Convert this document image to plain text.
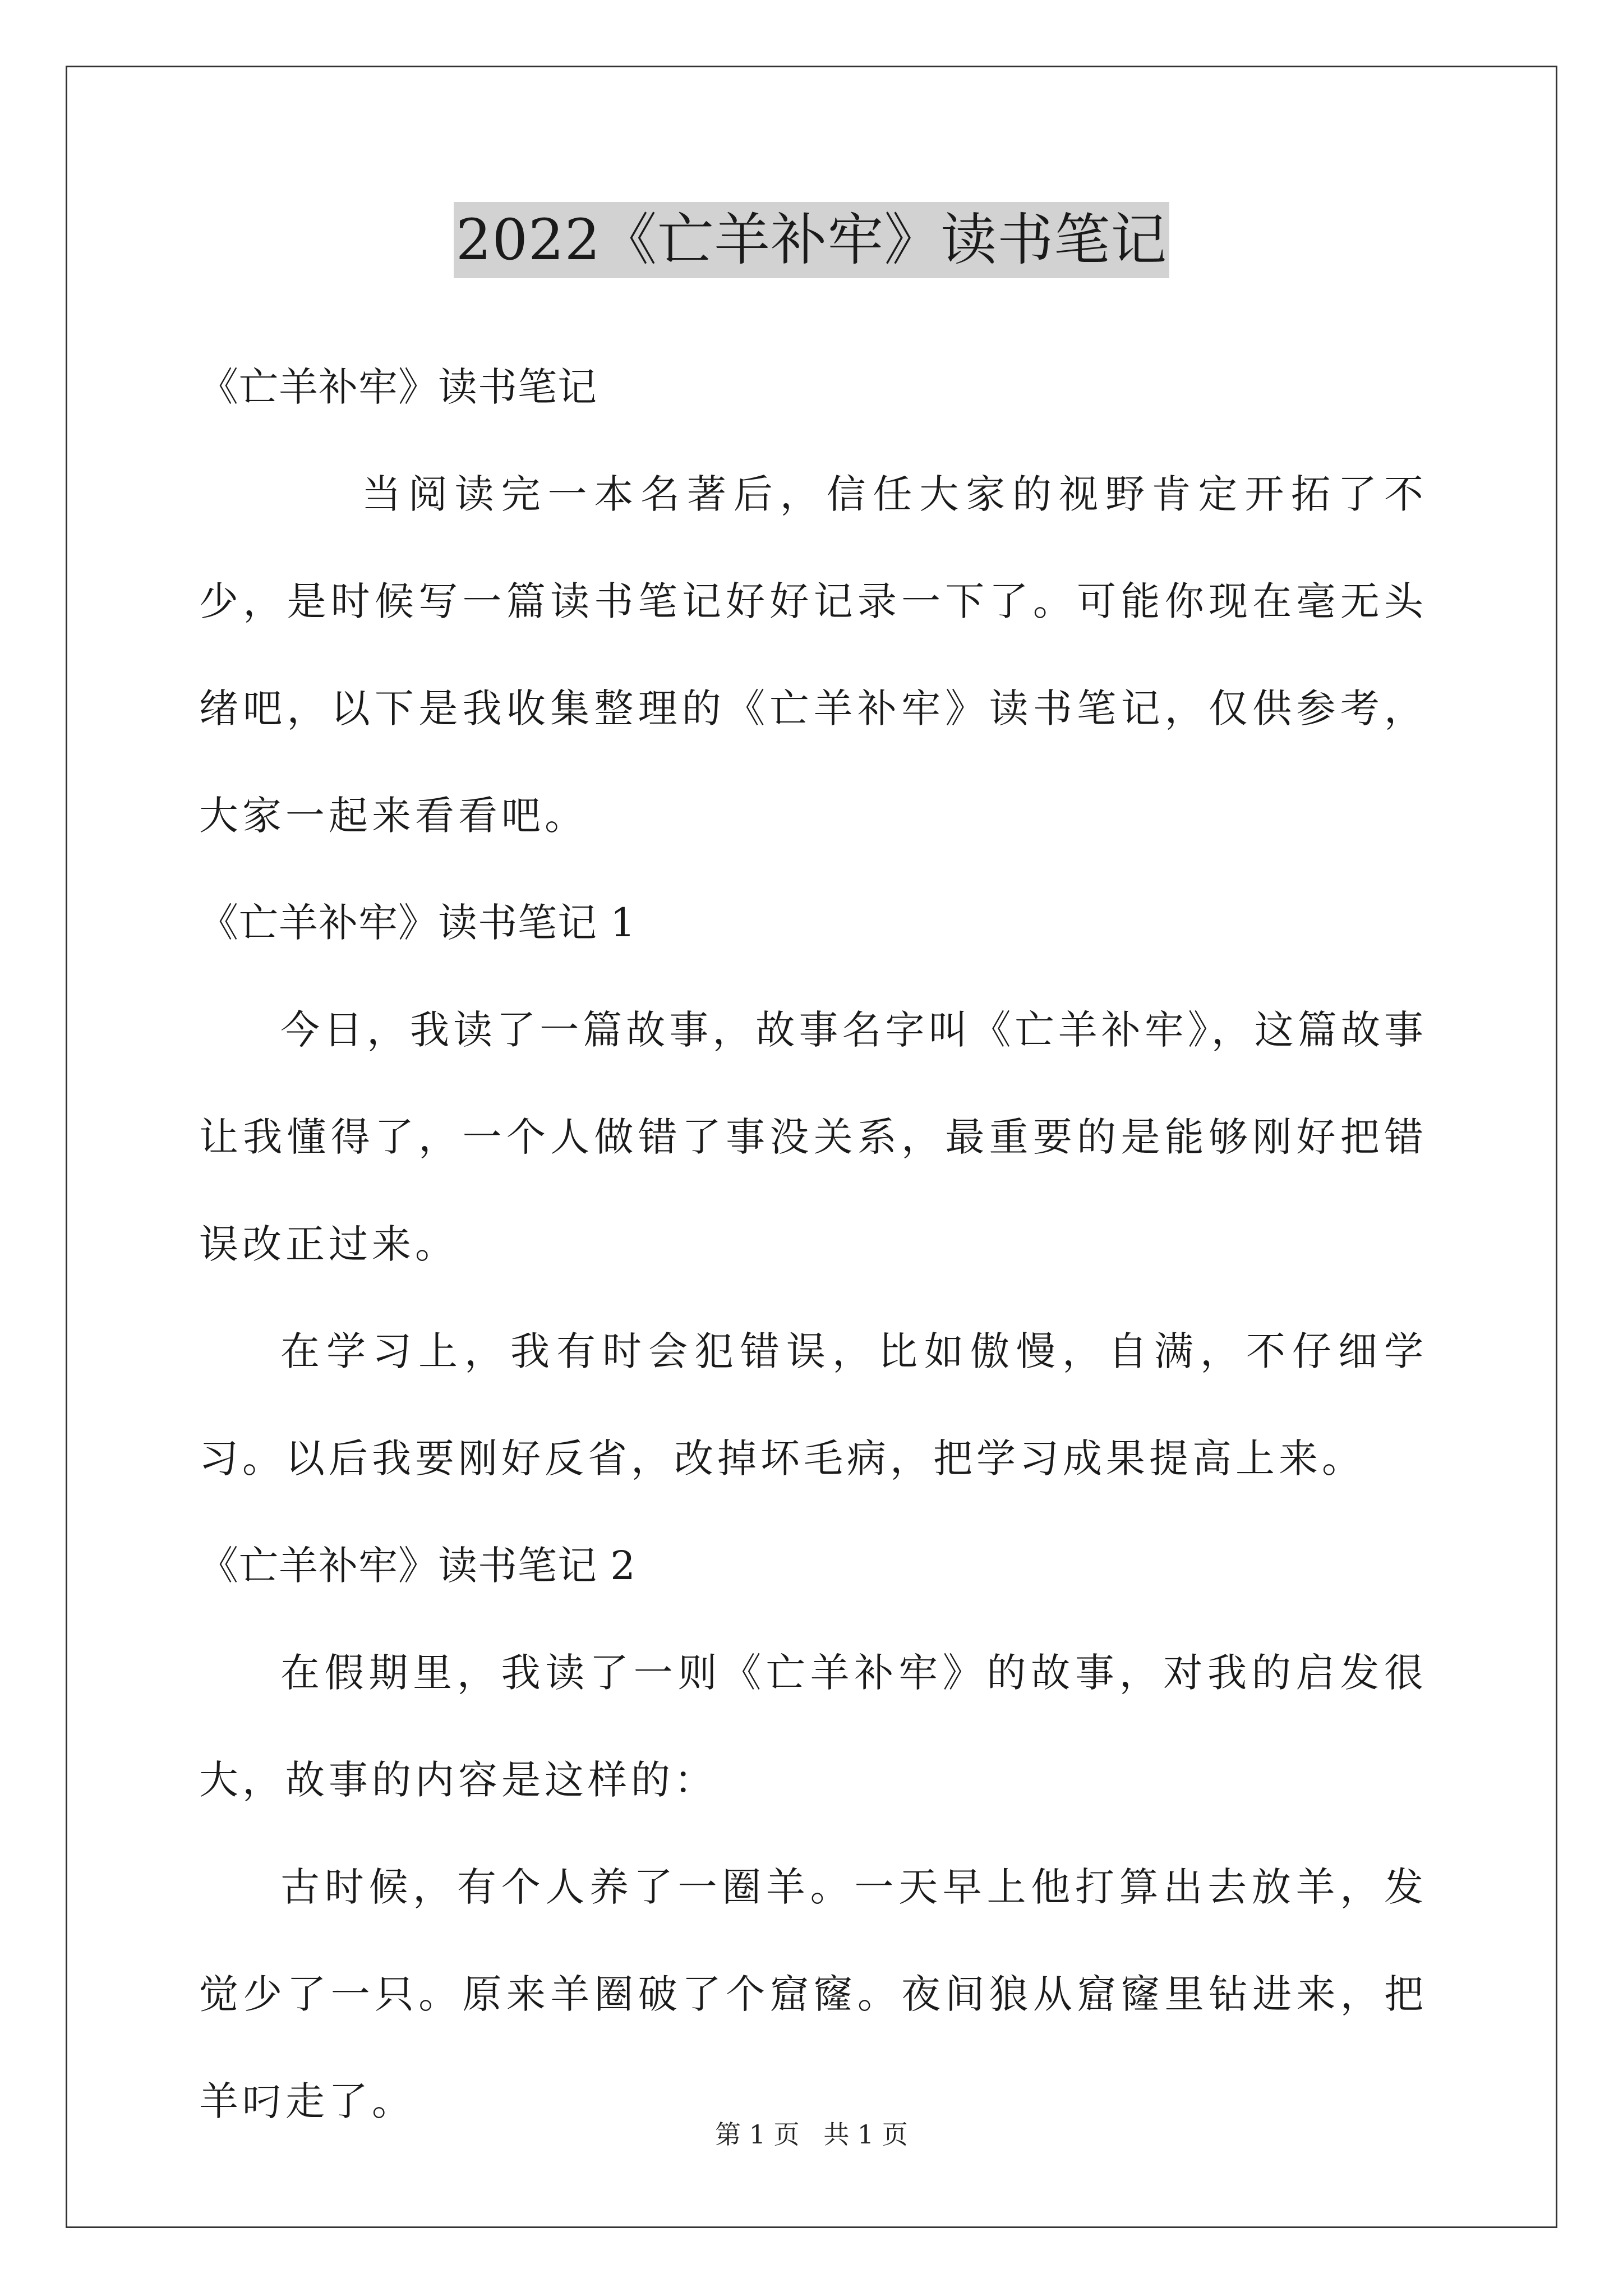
2022《亡羊补牢》读书笔记

《亡羊补牢》读书笔记

当阅读完一本名著后，信任大家的视野肯定开拓了不少，是时候写一篇读书笔记好好记录一下了。可能你现在毫无头绪吧，以下是我收集整理的《亡羊补牢》读书笔记，仅供参考，大家一起来看看吧。

《亡羊补牢》读书笔记 1

今日，我读了一篇故事，故事名字叫《亡羊补牢》，这篇故事让我懂得了，一个人做错了事没关系，最重要的是能够刚好把错误改正过来。

在学习上，我有时会犯错误，比如傲慢，自满，不仔细学习。以后我要刚好反省，改掉坏毛病，把学习成果提高上来。

《亡羊补牢》读书笔记 2

在假期里，我读了一则《亡羊补牢》的故事，对我的启发很大，故事的内容是这样的：

古时候，有个人养了一圈羊。一天早上他打算出去放羊，发觉少了一只。原来羊圈破了个窟窿。夜间狼从窟窿里钻进来，把羊叼走了。

第 1 页 共 1 页
